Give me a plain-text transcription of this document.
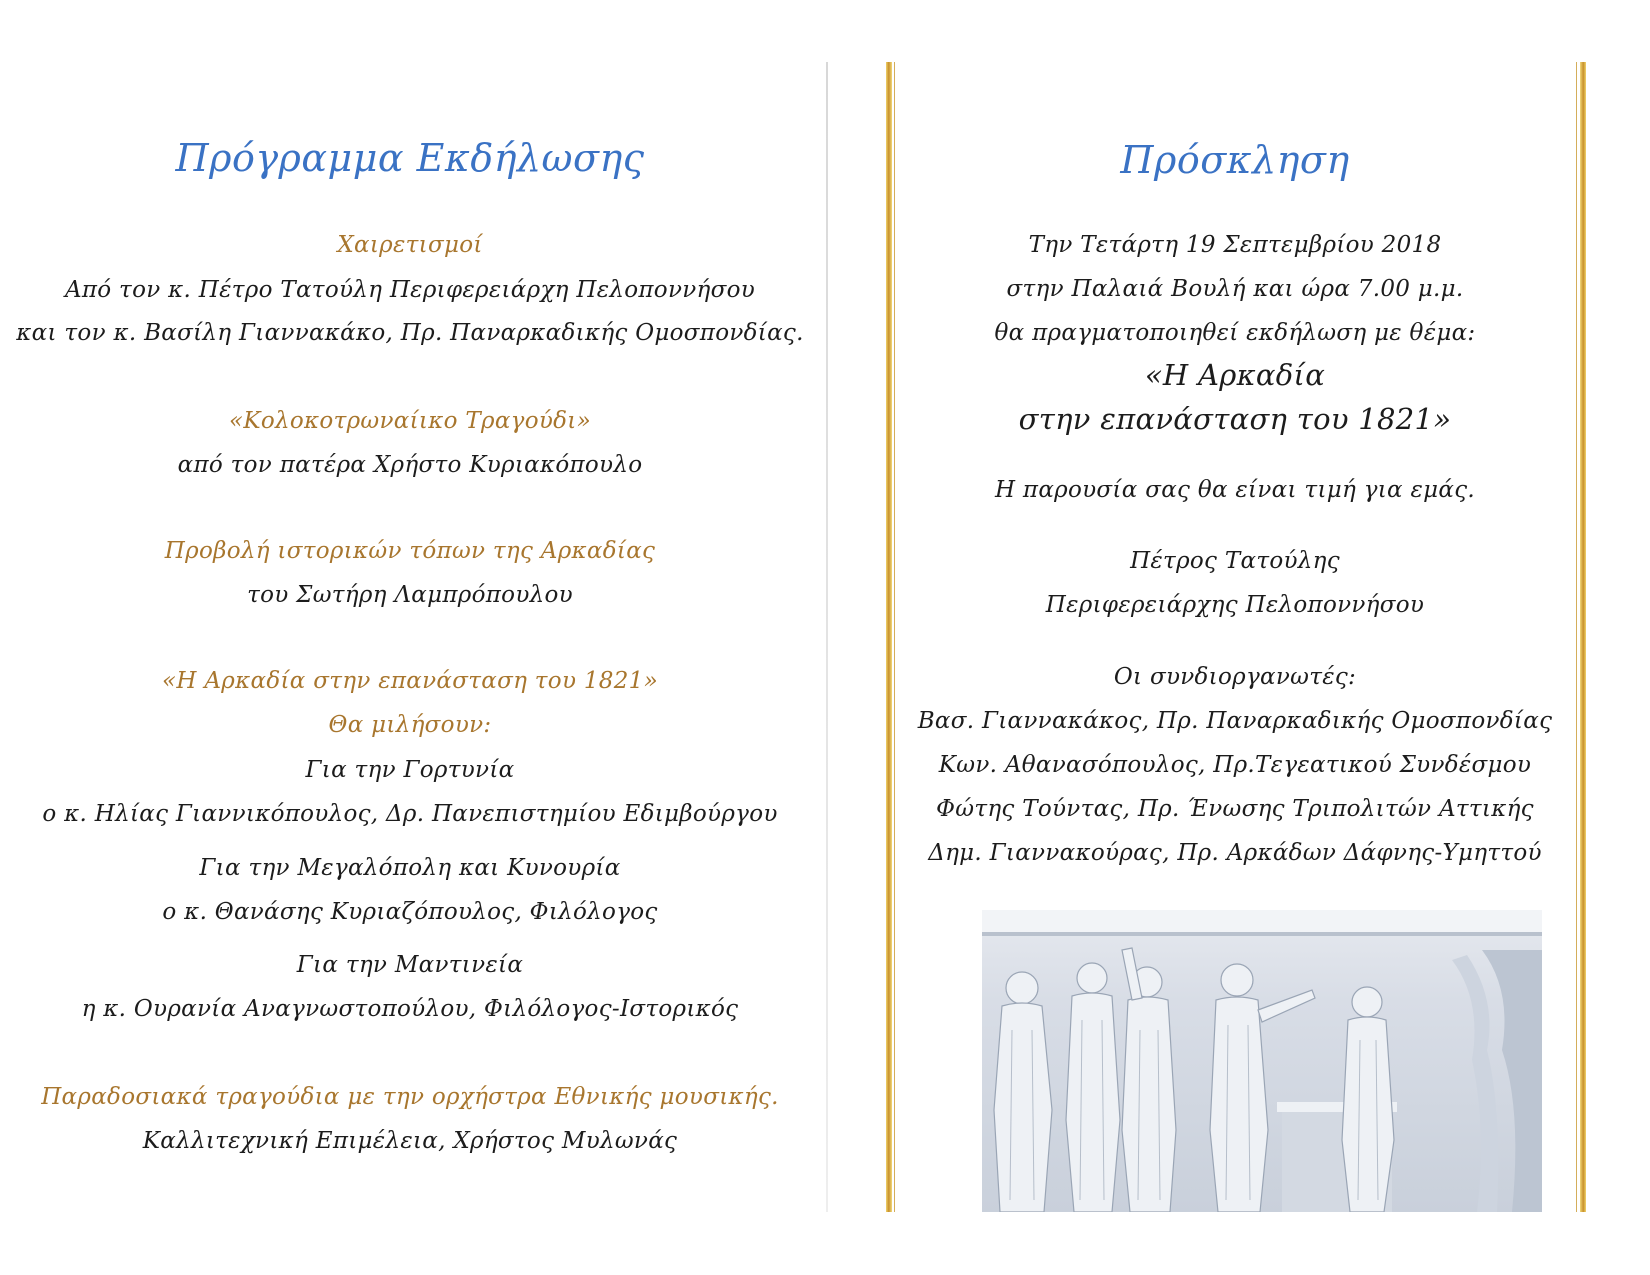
Πρόγραμμα Εκδήλωσης
Χαιρετισμοί
Από τον κ. Πέτρο Τατούλη Περιφερειάρχη Πελοποννήσου
και τον κ. Βασίλη Γιαννακάκο, Πρ. Παναρκαδικής Ομοσπονδίας.
«Κολοκοτρωναίικο Τραγούδι»
από τον πατέρα Χρήστο Κυριακόπουλο
Προβολή ιστορικών τόπων της Αρκαδίας
του Σωτήρη Λαμπρόπουλου
«Η Αρκαδία στην επανάσταση του 1821»
Θα μιλήσουν:
Για την Γορτυνία
ο κ. Ηλίας Γιαννικόπουλος, Δρ. Πανεπιστημίου Εδιμβούργου
Για την Μεγαλόπολη και Κυνουρία
ο κ. Θανάσης Κυριαζόπουλος, Φιλόλογος
Για την Μαντινεία
η κ. Ουρανία Αναγνωστοπούλου, Φιλόλογος-Ιστορικός
Παραδοσιακά τραγούδια με την ορχήστρα Εθνικής μουσικής.
Καλλιτεχνική Επιμέλεια, Χρήστος Μυλωνάς
Πρόσκληση
Την Τετάρτη 19 Σεπτεμβρίου 2018
στην Παλαιά Βουλή και ώρα 7.00 μ.μ.
θα πραγματοποιηθεί εκδήλωση με θέμα:
«Η Αρκαδία
στην επανάσταση του 1821»
Η παρουσία σας θα είναι τιμή για εμάς.
Πέτρος Τατούλης
Περιφερειάρχης Πελοποννήσου
Οι συνδιοργανωτές:
Βασ. Γιαννακάκος, Πρ. Παναρκαδικής Ομοσπονδίας
Κων. Αθανασόπουλος, Πρ.Τεγεατικού Συνδέσμου
Φώτης Τούντας, Πρ. Ένωσης Τριπολιτών Αττικής
Δημ. Γιαννακούρας, Πρ. Αρκάδων Δάφνης-Υμηττού
